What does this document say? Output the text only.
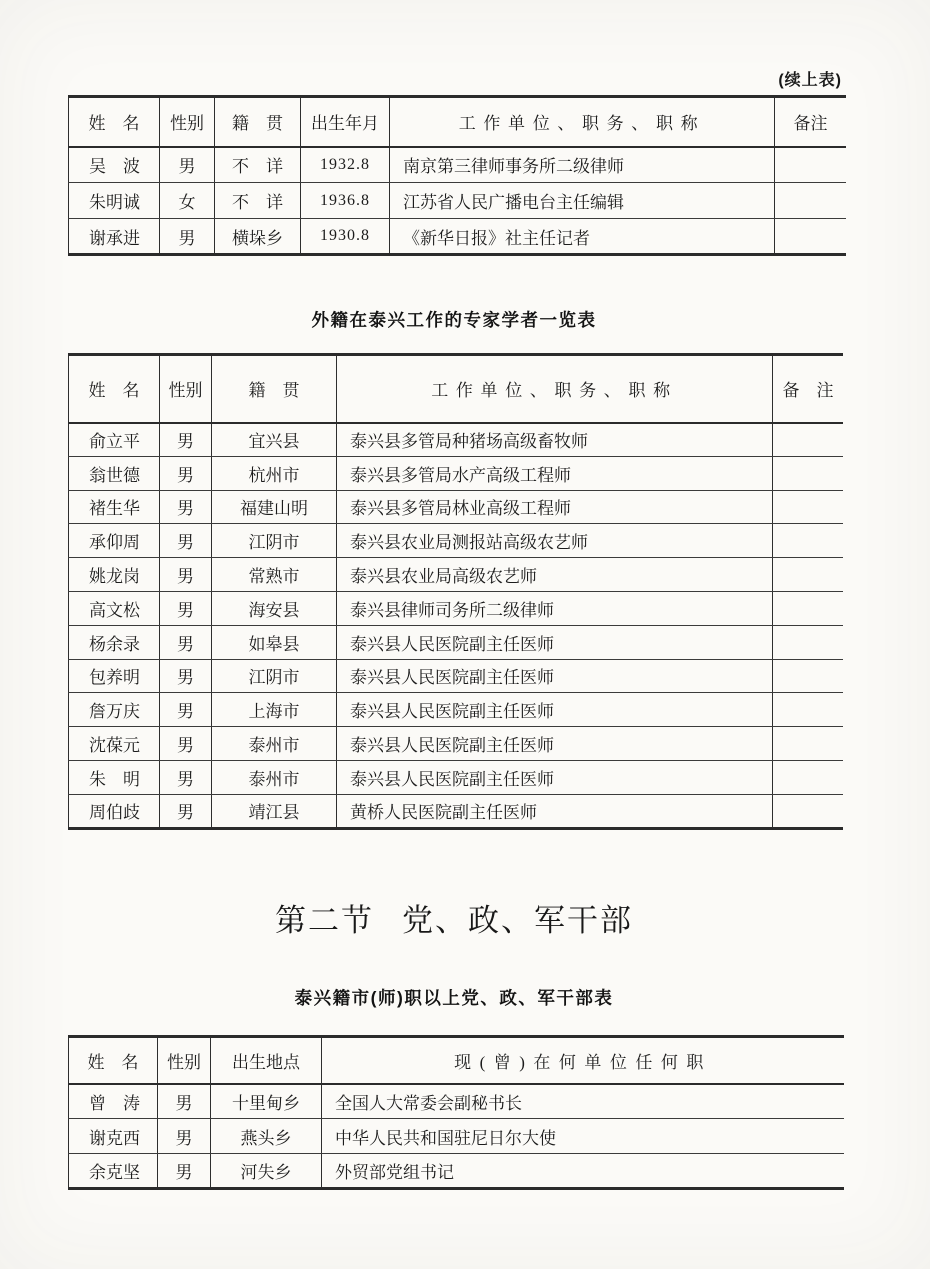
(续上表)
姓　名	性别	籍　贯	出生年月	工作单位、职务、职称	备注
吴　波	男	不　详	1932.8	南京第三律师事务所二级律师	
朱明诚	女	不　详	1936.8	江苏省人民广播电台主任编辑	
谢承进	男	横垛乡	1930.8	《新华日报》社主任记者	
外籍在泰兴工作的专家学者一览表
姓　名	性别	籍　贯	工作单位、职务、职称	备　注
俞立平	男	宜兴县	泰兴县多管局种猪场高级畜牧师	
翁世德	男	杭州市	泰兴县多管局水产高级工程师	
褚生华	男	福建山明	泰兴县多管局林业高级工程师	
承仰周	男	江阴市	泰兴县农业局测报站高级农艺师	
姚龙岗	男	常熟市	泰兴县农业局高级农艺师	
高文松	男	海安县	泰兴县律师司务所二级律师	
杨余录	男	如皋县	泰兴县人民医院副主任医师	
包养明	男	江阴市	泰兴县人民医院副主任医师	
詹万庆	男	上海市	泰兴县人民医院副主任医师	
沈葆元	男	泰州市	泰兴县人民医院副主任医师	
朱　明	男	泰州市	泰兴县人民医院副主任医师	
周伯歧	男	靖江县	黄桥人民医院副主任医师	
第二节 党、政、军干部
泰兴籍市(师)职以上党、政、军干部表
姓　名	性别	出生地点	现(曾)在何单位任何职
曾　涛	男	十里甸乡	全国人大常委会副秘书长
谢克西	男	燕头乡	中华人民共和国驻尼日尔大使
余克坚	男	河失乡	外贸部党组书记
